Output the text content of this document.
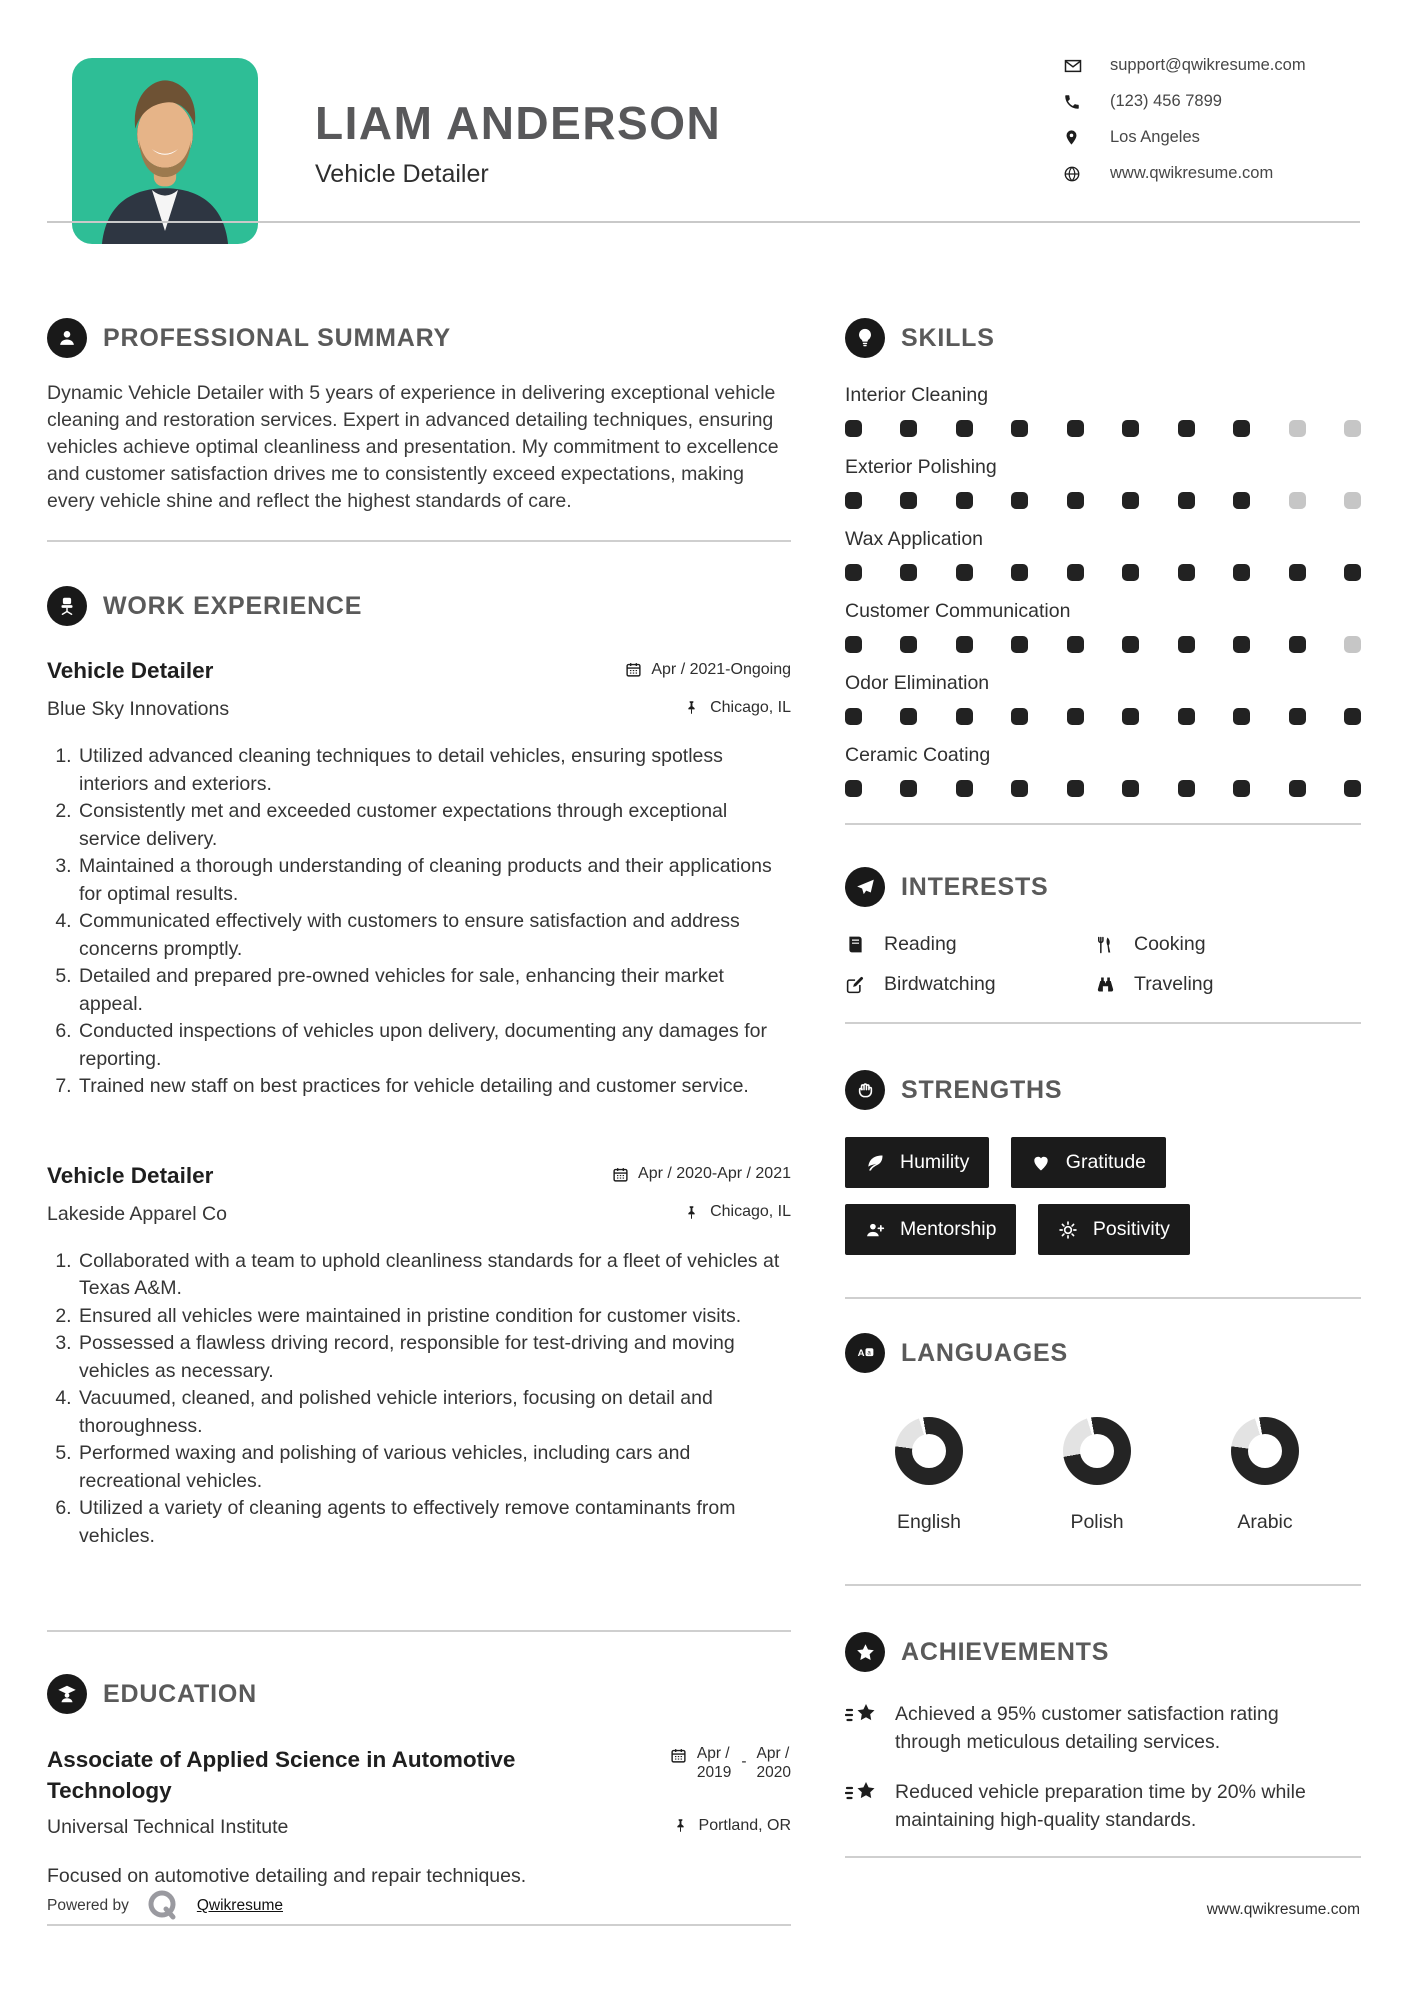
LIAM ANDERSON
Vehicle Detailer
support@qwikresume.com
(123) 456 7899
Los Angeles
www.qwikresume.com
PROFESSIONAL SUMMARY

Dynamic Vehicle Detailer with 5 years of experience in delivering exceptional vehicle cleaning and restoration services. Expert in advanced detailing techniques, ensuring vehicles achieve optimal cleanliness and presentation. My commitment to excellence and customer satisfaction drives me to consistently exceed expectations, making every vehicle shine and reflect the highest standards of care.

WORK EXPERIENCE
Vehicle Detailer	Apr / 2021-Ongoing
Blue Sky Innovations	Chicago, IL
1. Utilized advanced cleaning techniques to detail vehicles, ensuring spotless interiors and exteriors.
2. Consistently met and exceeded customer expectations through exceptional service delivery.
3. Maintained a thorough understanding of cleaning products and their applications for optimal results.
4. Communicated effectively with customers to ensure satisfaction and address concerns promptly.
5. Detailed and prepared pre-owned vehicles for sale, enhancing their market appeal.
6. Conducted inspections of vehicles upon delivery, documenting any damages for reporting.
7. Trained new staff on best practices for vehicle detailing and customer service.
Vehicle Detailer	Apr / 2020-Apr / 2021
Lakeside Apparel Co	Chicago, IL
1. Collaborated with a team to uphold cleanliness standards for a fleet of vehicles at Texas A&M.
2. Ensured all vehicles were maintained in pristine condition for customer visits.
3. Possessed a flawless driving record, responsible for test-driving and moving vehicles as necessary.
4. Vacuumed, cleaned, and polished vehicle interiors, focusing on detail and thoroughness.
5. Performed waxing and polishing of various vehicles, including cars and recreational vehicles.
6. Utilized a variety of cleaning agents to effectively remove contaminants from vehicles.
EDUCATION
Associate of Applied Science in Automotive Technology
Apr /
2019
- Apr /
2020
Universal Technical Institute	Portland, OR
Focused on automotive detailing and repair techniques.
SKILLS
Interior Cleaning
Exterior Polishing
Wax Application
Customer Communication
Odor Elimination
Ceramic Coating
INTERESTS
Reading	Cooking
Birdwatching	Traveling
STRENGTHS
Humility
	Gratitude

Mentorship
	Positivity
A a LANGUAGES
English	Polish	Arabic
ACHIEVEMENTS
Achieved a 95% customer satisfaction rating through meticulous detailing services.
Reduced vehicle preparation time by 20% while maintaining high-quality standards.
Powered by	Qwikresume	www.qwikresume.com
